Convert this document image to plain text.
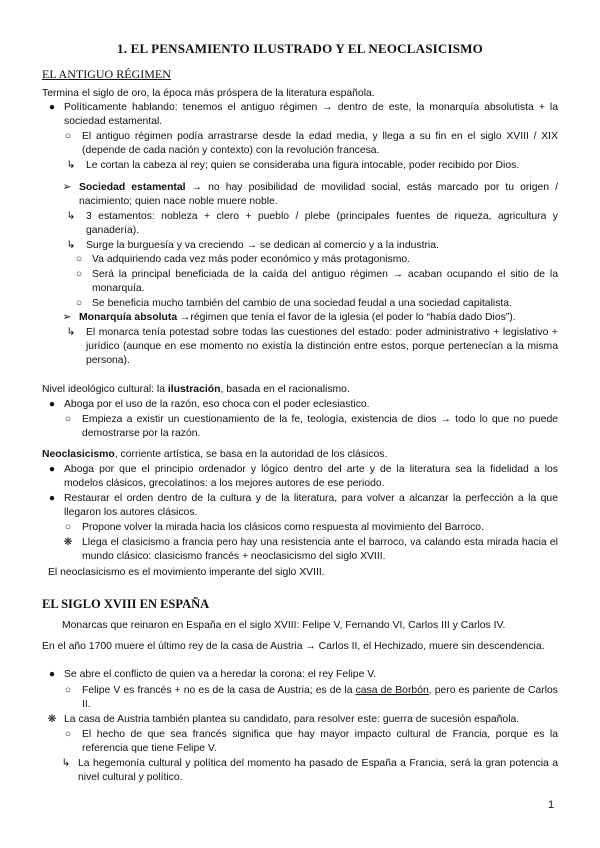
1. EL PENSAMIENTO ILUSTRADO Y EL NEOCLASICISMO
EL ANTIGUO RÉGIMEN
Termina el siglo de oro, la época más próspera de la literatura española.
● Políticamente hablando: tenemos el antiguo régimen → dentro de este, la monarquía absolutista + la sociedad estamental.
○	El antiguo régimen podía arrastrarse desde la edad media, y llega a su fin en el siglo XVIII / XIX (depende de cada nación y contexto) con la revolución francesa.
↳ Le cortan la cabeza al rey; quien se consideraba una figura intocable, poder recibido por Dios.
➢ Sociedad estamental → no hay posibilidad de movilidad social, estás marcado por tu origen / nacimiento; quien nace noble muere noble.
↳ 3 estamentos: nobleza + clero + pueblo / plebe (principales fuentes de riqueza, agricultura y ganadería).
↳ Surge la burguesía y va creciendo → se dedican al comercio y a la industria.
○ Va adquiriendo cada vez más poder económico y más protagonismo.
○ Será la principal beneficiada de la caída del antiguo régimen → acaban ocupando el sitio de la monarquía.
○ Se beneficia mucho también del cambio de una sociedad feudal a una sociedad capitalista.
➢ Monarquía absoluta →régimen que tenía el favor de la iglesia (el poder lo “había dado Dios”).
↳ El monarca tenía potestad sobre todas las cuestiones del estado: poder administrativo + legislativo + jurídico (aunque en ese momento no existía la distinción entre estos, porque pertenecían a la misma persona).
Nivel ideológico cultural: la ilustración, basada en el racionalismo.
● Aboga por el uso de la razón, eso choca con el poder eclesiastico.
○	Empieza a existir un cuestionamiento de la fe, teología, existencia de dios → todo lo que no puede demostrarse por la razón.
Neoclasicismo, corriente artística, se basa en la autoridad de los clásicos.
● Aboga por que el principio ordenador y lógico dentro del arte y de la literatura sea la fidelidad a los modelos clásicos, grecolatinos: a los mejores autores de ese periodo.
● Restaurar el orden dentro de la cultura y de la literatura, para volver a alcanzar la perfección a la que llegaron los autores clásicos.
○	Propone volver la mirada hacia los clásicos como respuesta al movimiento del Barroco.
❋ Llega el clasicismo a francia pero hay una resistencia ante el barroco, va calando esta mirada hacia el mundo clásico: clasicismo francés + neoclasicismo del siglo XVIII.
El neoclasicismo es el movimiento imperante del siglo XVIII.
EL SIGLO XVIII EN ESPAÑA
Monarcas que reinaron en España en el siglo XVIII: Felipe V, Fernando VI, Carlos III y Carlos IV.
En el año 1700 muere el último rey de la casa de Austria → Carlos II, el Hechizado, muere sin descendencia.
● Se abre el conflicto de quien va a heredar la corona: el rey Felipe V.
○	Felipe V es francés + no es de la casa de Austria; es de la casa de Borbón, pero es pariente de Carlos II.
❋ La casa de Austria también plantea su candidato, para resolver este: guerra de sucesión española.
○	El hecho de que sea francés significa que hay mayor impacto cultural de Francia, porque es la referencia que tiene Felipe V.
↳ La hegemonía cultural y política del momento ha pasado de España a Francia, será la gran potencia a nivel cultural y político.
1
